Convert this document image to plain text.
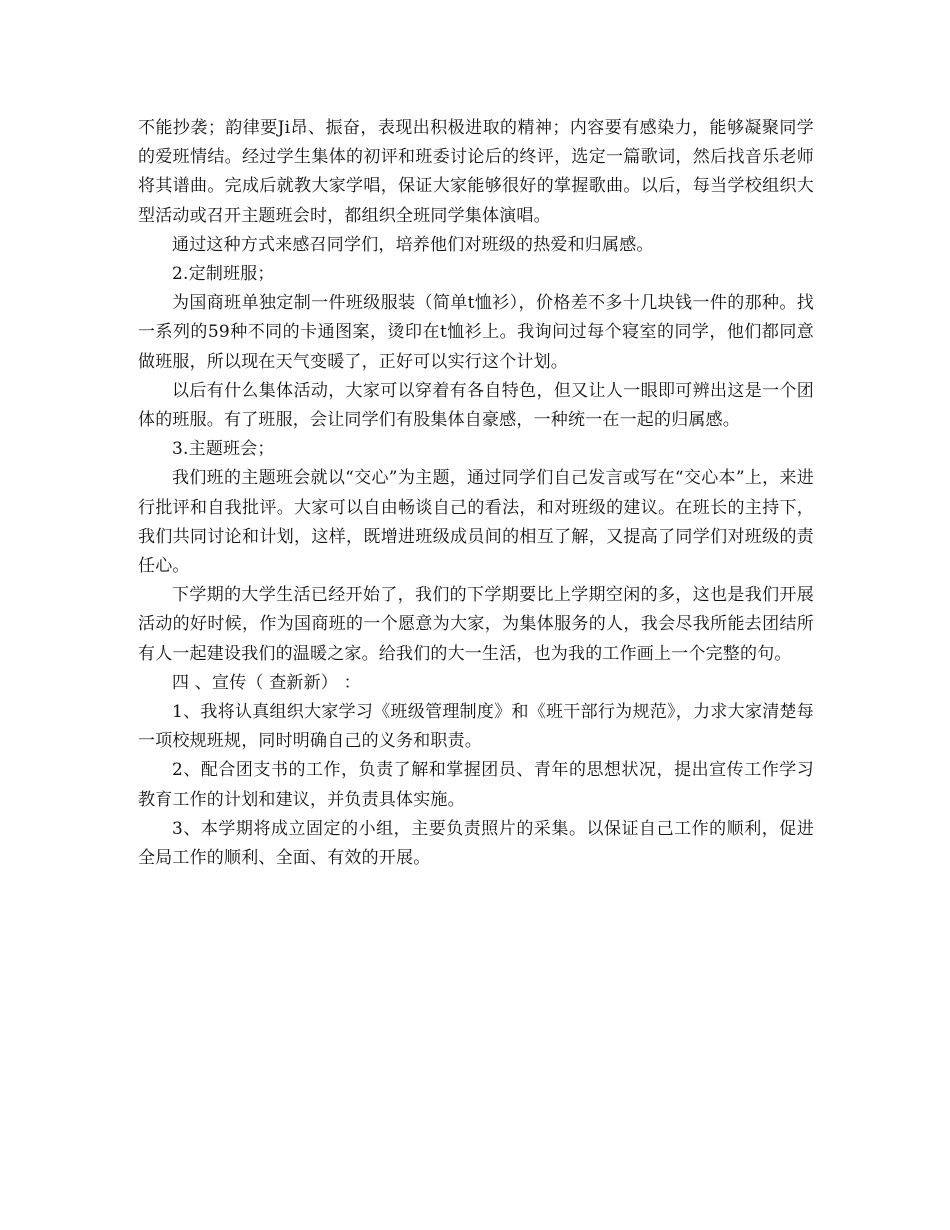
不能抄袭；韵律要Ji昂、振奋，表现出积极进取的精神；内容要有感染力，能够凝聚同学的爱班情结。经过学生集体的初评和班委讨论后的终评，选定一篇歌词，然后找音乐老师将其谱曲。完成后就教大家学唱，保证大家能够很好的掌握歌曲。以后，每当学校组织大型活动或召开主题班会时，都组织全班同学集体演唱。

通过这种方式来感召同学们，培养他们对班级的热爱和归属感。

2.定制班服；

为国商班单独定制一件班级服装（简单t恤衫），价格差不多十几块钱一件的那种。找一系列的59种不同的卡通图案，烫印在t恤衫上。我询问过每个寝室的同学，他们都同意做班服，所以现在天气变暖了，正好可以实行这个计划。

以后有什么集体活动，大家可以穿着有各自特色，但又让人一眼即可辨出这是一个团体的班服。有了班服，会让同学们有股集体自豪感，一种统一在一起的归属感。

3.主题班会；

我们班的主题班会就以“交心”为主题，通过同学们自己发言或写在“交心本”上，来进行批评和自我批评。大家可以自由畅谈自己的看法，和对班级的建议。在班长的主持下，我们共同讨论和计划，这样，既增进班级成员间的相互了解，又提高了同学们对班级的责任心。

下学期的大学生活已经开始了，我们的下学期要比上学期空闲的多，这也是我们开展活动的好时候，作为国商班的一个愿意为大家，为集体服务的人，我会尽我所能去团结所有人一起建设我们的温暖之家。给我们的大一生活，也为我的工作画上一个完整的句。

四 、宣传（ 查新新） ：

1、我将认真组织大家学习《班级管理制度》和《班干部行为规范》，力求大家清楚每一项校规班规，同时明确自己的义务和职责。

2、配合团支书的工作，负责了解和掌握团员、青年的思想状况，提出宣传工作学习教育工作的计划和建议，并负责具体实施。

3、本学期将成立固定的小组，主要负责照片的采集。以保证自己工作的顺利，促进全局工作的顺利、全面、有效的开展。
